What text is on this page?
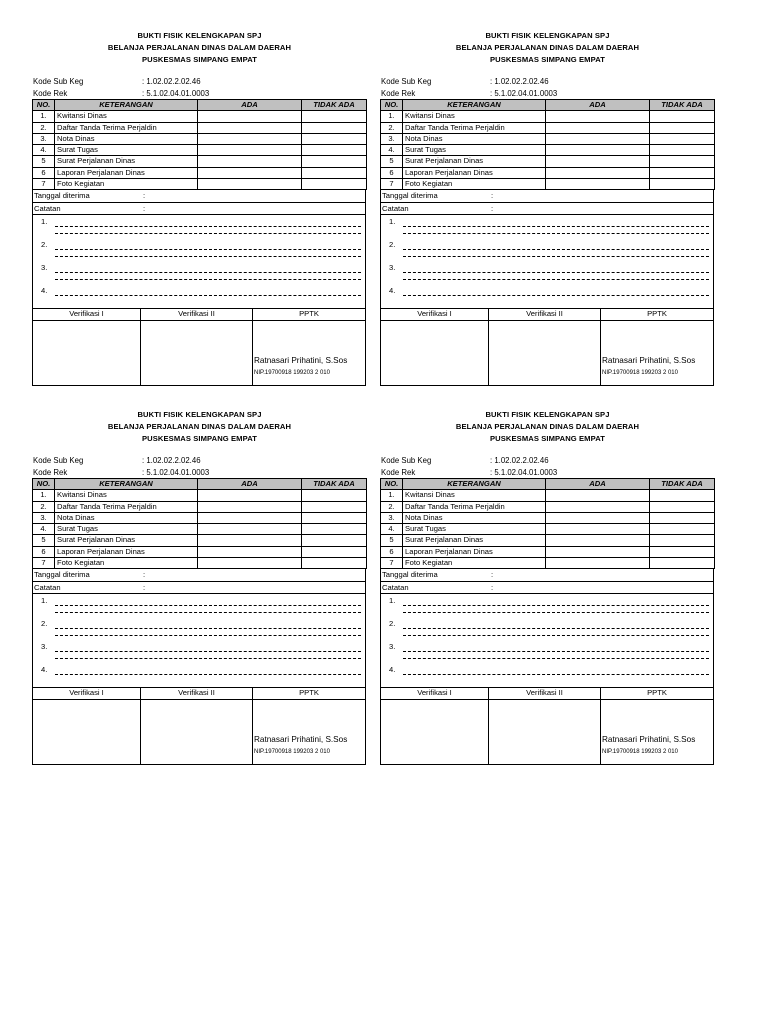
BUKTI FISIK KELENGKAPAN SPJ
BELANJA PERJALANAN DINAS DALAM DAERAH
PUSKESMAS SIMPANG EMPAT
Kode Sub Keg	: 1.02.02.2.02.46
Kode Rek	: 5.1.02.04.01.0003
NO.	KETERANGAN	ADA	TIDAK ADA
1.	Kwitansi Dinas		
2.	Daftar Tanda Terima Perjaldin		
3.	Nota Dinas		
4.	Surat Tugas		
5	Surat Perjalanan Dinas		
6	Laporan Perjalanan Dinas		
7	Foto Kegiatan		
Tanggal diterima	:
Catatan	:
1.
2.
3.
4.
Verifikasi I	Verifikasi II	PPTK
Ratnasari Prihatini, S.Sos
NIP.19700918 199203 2 010
BUKTI FISIK KELENGKAPAN SPJ
BELANJA PERJALANAN DINAS DALAM DAERAH
PUSKESMAS SIMPANG EMPAT
Kode Sub Keg	: 1.02.02.2.02.46
Kode Rek	: 5.1.02.04.01.0003
NO.	KETERANGAN	ADA	TIDAK ADA
1.	Kwitansi Dinas		
2.	Daftar Tanda Terima Perjaldin		
3.	Nota Dinas		
4.	Surat Tugas		
5	Surat Perjalanan Dinas		
6	Laporan Perjalanan Dinas		
7	Foto Kegiatan		
Tanggal diterima	:
Catatan	:
1.
2.
3.
4.
Verifikasi I	Verifikasi II	PPTK
Ratnasari Prihatini, S.Sos
NIP.19700918 199203 2 010
BUKTI FISIK KELENGKAPAN SPJ
BELANJA PERJALANAN DINAS DALAM DAERAH
PUSKESMAS SIMPANG EMPAT
Kode Sub Keg	: 1.02.02.2.02.46
Kode Rek	: 5.1.02.04.01.0003
NO.	KETERANGAN	ADA	TIDAK ADA
1.	Kwitansi Dinas		
2.	Daftar Tanda Terima Perjaldin		
3.	Nota Dinas		
4.	Surat Tugas		
5	Surat Perjalanan Dinas		
6	Laporan Perjalanan Dinas		
7	Foto Kegiatan		
Tanggal diterima	:
Catatan	:
1.
2.
3.
4.
Verifikasi I	Verifikasi II	PPTK
Ratnasari Prihatini, S.Sos
NIP.19700918 199203 2 010
BUKTI FISIK KELENGKAPAN SPJ
BELANJA PERJALANAN DINAS DALAM DAERAH
PUSKESMAS SIMPANG EMPAT
Kode Sub Keg	: 1.02.02.2.02.46
Kode Rek	: 5.1.02.04.01.0003
NO.	KETERANGAN	ADA	TIDAK ADA
1.	Kwitansi Dinas		
2.	Daftar Tanda Terima Perjaldin		
3.	Nota Dinas		
4.	Surat Tugas		
5	Surat Perjalanan Dinas		
6	Laporan Perjalanan Dinas		
7	Foto Kegiatan		
Tanggal diterima	:
Catatan	:
1.
2.
3.
4.
Verifikasi I	Verifikasi II	PPTK
Ratnasari Prihatini, S.Sos
NIP.19700918 199203 2 010
